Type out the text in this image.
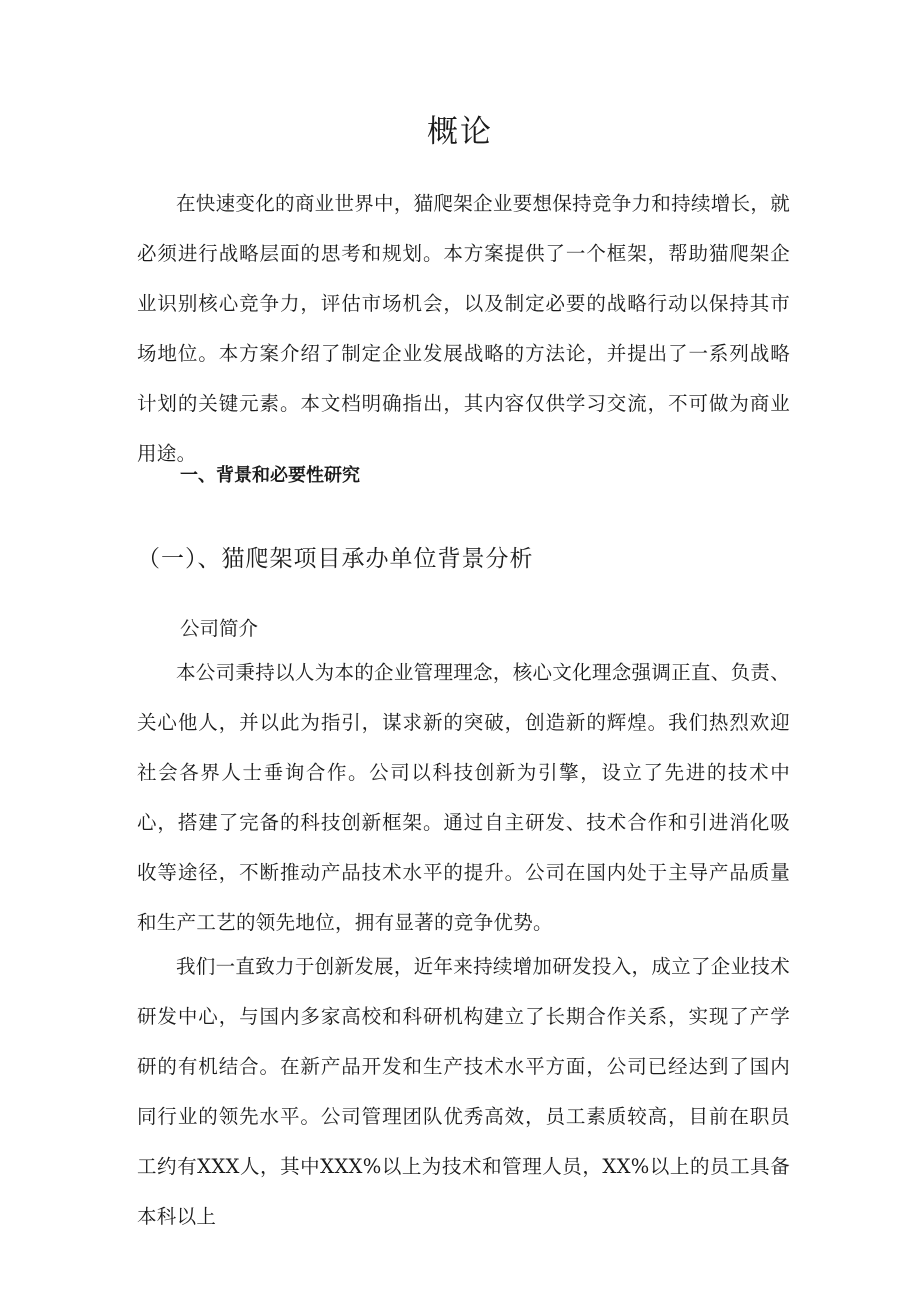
概论

在快速变化的商业世界中，猫爬架企业要想保持竞争力和持续增长，就必须进行战略层面的思考和规划。本方案提供了一个框架，帮助猫爬架企业识别核心竞争力，评估市场机会，以及制定必要的战略行动以保持其市场地位。本方案介绍了制定企业发展战略的方法论，并提出了一系列战略计划的关键元素。本文档明确指出，其内容仅供学习交流，不可做为商业用途。

一、背景和必要性研究
（一）、猫爬架项目承办单位背景分析
公司简介

本公司秉持以人为本的企业管理理念，核心文化理念强调正直、负责、关心他人，并以此为指引，谋求新的突破，创造新的辉煌。我们热烈欢迎社会各界人士垂询合作。公司以科技创新为引擎，设立了先进的技术中心，搭建了完备的科技创新框架。通过自主研发、技术合作和引进消化吸收等途径，不断推动产品技术水平的提升。公司在国内处于主导产品质量和生产工艺的领先地位，拥有显著的竞争优势。

我们一直致力于创新发展，近年来持续增加研发投入，成立了企业技术研发中心，与国内多家高校和科研机构建立了长期合作关系，实现了产学研的有机结合。在新产品开发和生产技术水平方面，公司已经达到了国内同行业的领先水平。公司管理团队优秀高效，员工素质较高，目前在职员工约有XXX人，其中XXX%以上为技术和管理人员，XX%以上的员工具备本科以上
